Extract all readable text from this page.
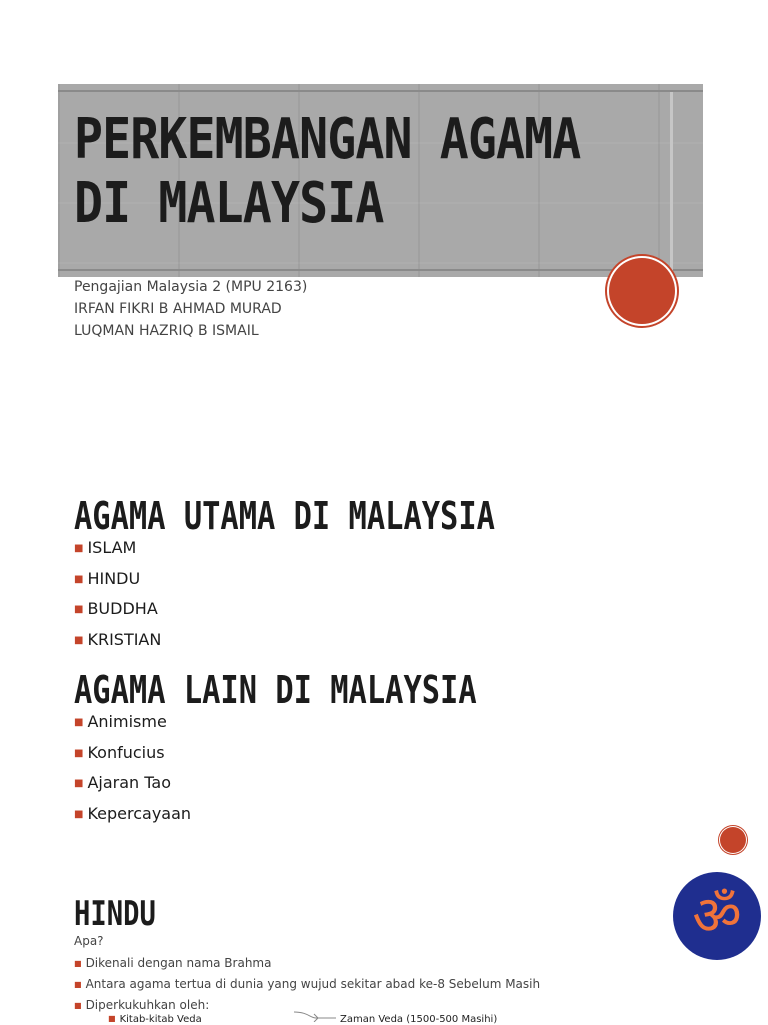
PERKEMBANGAN AGAMA DI MALAYSIA
Pengajian Malaysia 2 (MPU 2163)
IRFAN FIKRI B AHMAD MURAD
LUQMAN HAZRIQ B ISMAIL
AGAMA UTAMA DI MALAYSIA
■ ISLAM
■ HINDU
■ BUDDHA
■ KRISTIAN
AGAMA LAIN DI MALAYSIA
■ Animisme
■ Konfucius
■ Ajaran Tao
■ Kepercayaan
HINDU
Apa?
■ Dikenali dengan nama Brahma
■ Antara agama tertua di dunia yang wujud sekitar abad ke-8 Sebelum Masih
■ Diperkukuhkan oleh:
■ Kitab-kitab Veda	Zaman Veda (1500-500 Masihi)
ॐ
